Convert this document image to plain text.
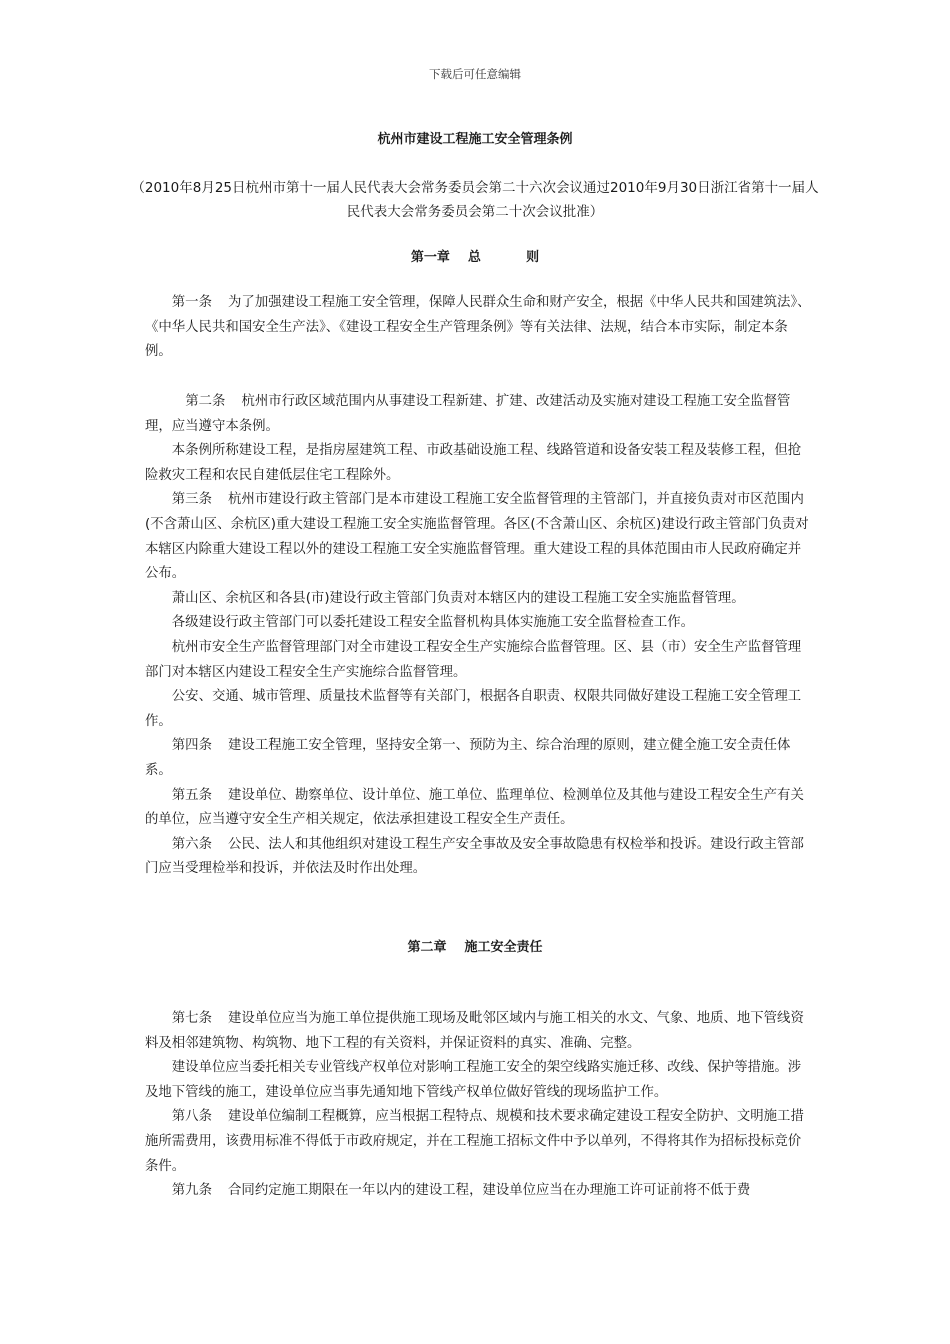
下载后可任意编辑
杭州市建设工程施工安全管理条例
（2010年8月25日杭州市第十一届人民代表大会常务委员会第二十六次会议通过2010年9月30日浙江省第十一届人民代表大会常务委员会第二十次会议批准）
第一章    总          则

第一条 为了加强建设工程施工安全管理，保障人民群众生命和财产安全，根据《中华人民共和国建筑法》、《中华人民共和国安全生产法》、《建设工程安全生产管理条例》等有关法律、法规，结合本市实际，制定本条例。

第二条 杭州市行政区域范围内从事建设工程新建、扩建、改建活动及实施对建设工程施工安全监督管理，应当遵守本条例。

本条例所称建设工程，是指房屋建筑工程、市政基础设施工程、线路管道和设备安装工程及装修工程，但抢险救灾工程和农民自建低层住宅工程除外。

第三条 杭州市建设行政主管部门是本市建设工程施工安全监督管理的主管部门，并直接负责对市区范围内(不含萧山区、余杭区)重大建设工程施工安全实施监督管理。各区(不含萧山区、余杭区)建设行政主管部门负责对本辖区内除重大建设工程以外的建设工程施工安全实施监督管理。重大建设工程的具体范围由市人民政府确定并公布。

萧山区、余杭区和各县(市)建设行政主管部门负责对本辖区内的建设工程施工安全实施监督管理。

各级建设行政主管部门可以委托建设工程安全监督机构具体实施施工安全监督检查工作。

杭州市安全生产监督管理部门对全市建设工程安全生产实施综合监督管理。区、县（市）安全生产监督管理部门对本辖区内建设工程安全生产实施综合监督管理。

公安、交通、城市管理、质量技术监督等有关部门，根据各自职责、权限共同做好建设工程施工安全管理工作。

第四条 建设工程施工安全管理，坚持安全第一、预防为主、综合治理的原则，建立健全施工安全责任体系。

第五条 建设单位、勘察单位、设计单位、施工单位、监理单位、检测单位及其他与建设工程安全生产有关的单位，应当遵守安全生产相关规定，依法承担建设工程安全生产责任。

第六条 公民、法人和其他组织对建设工程生产安全事故及安全事故隐患有权检举和投诉。建设行政主管部门应当受理检举和投诉，并依法及时作出处理。

第二章    施工安全责任

第七条 建设单位应当为施工单位提供施工现场及毗邻区域内与施工相关的水文、气象、地质、地下管线资料及相邻建筑物、构筑物、地下工程的有关资料，并保证资料的真实、准确、完整。

建设单位应当委托相关专业管线产权单位对影响工程施工安全的架空线路实施迁移、改线、保护等措施。涉及地下管线的施工，建设单位应当事先通知地下管线产权单位做好管线的现场监护工作。

第八条 建设单位编制工程概算，应当根据工程特点、规模和技术要求确定建设工程安全防护、文明施工措施所需费用，该费用标准不得低于市政府规定，并在工程施工招标文件中予以单列，不得将其作为招标投标竞价条件。

第九条 合同约定施工期限在一年以内的建设工程，建设单位应当在办理施工许可证前将不低于费
